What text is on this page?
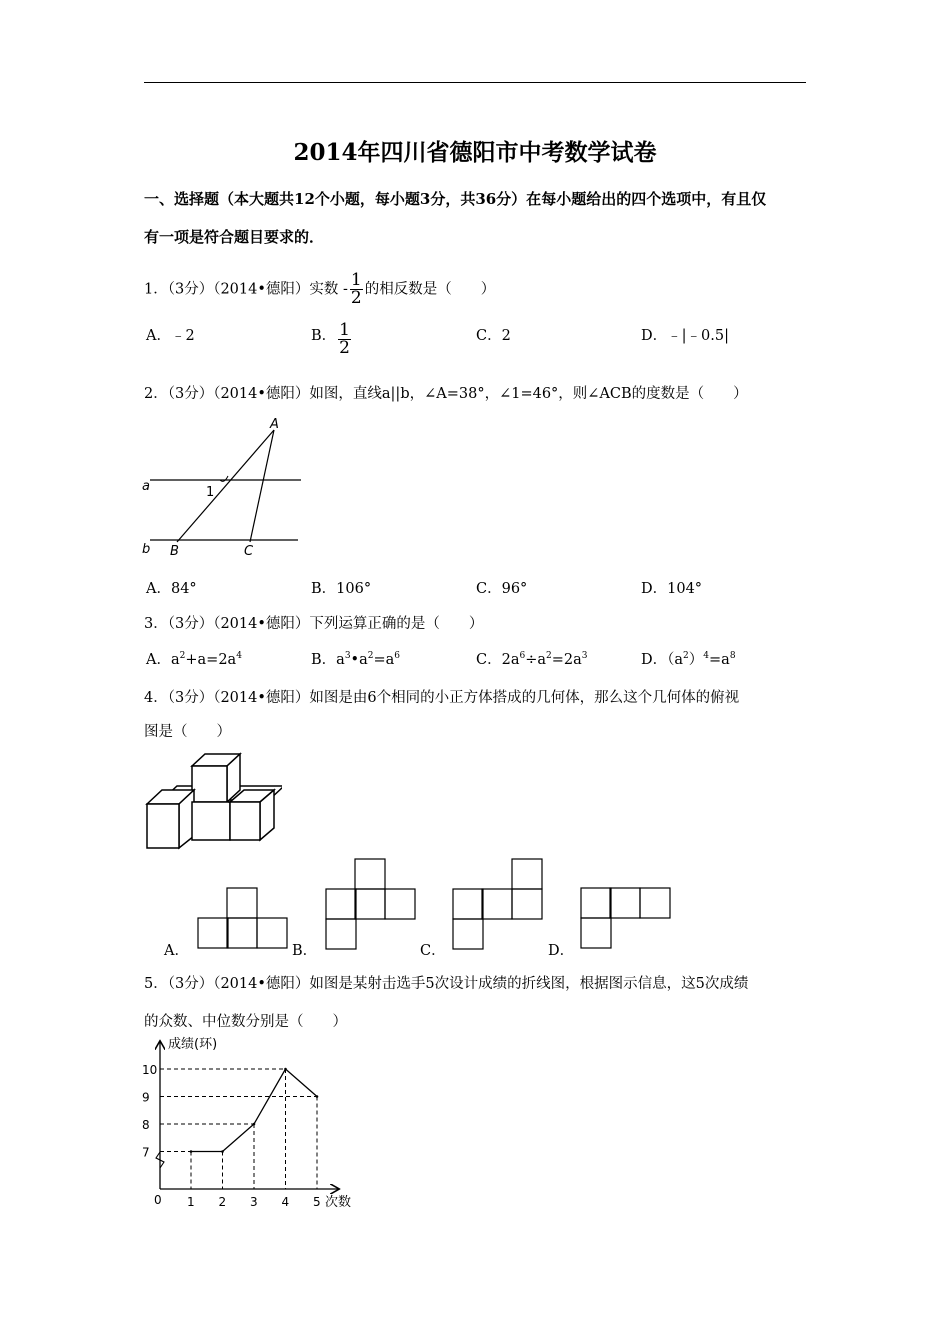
2014年四川省德阳市中考数学试卷
一、选择题（本大题共12个小题，每小题3分，共36分）在每小题给出的四个选项中，有且仅
有一项是符合题目要求的．
1．（3分）（2014•德阳）实数 - $\frac{1}{2}$ 的相反数是（　　）
A．﹣2	B． $\frac{1}{2}$	C．2	D．﹣|﹣0.5|
2．（3分）（2014•德阳）如图，直线a||b，∠A=38°，∠1=46°，则∠ACB的度数是（　　）
a
b
A
B	C
1
A．84°	B．106°	C．96°	D．104°
3．（3分）（2014•德阳）下列运算正确的是（　　）
A．$a^2+a=2a^4$	B．$a^3•a^2=a^6$	C．$2a^6\div a^2=2a^3$	D．$(a^2)^4=a^8$
4．（3分）（2014•德阳）如图是由6个相同的小正方体搭成的几何体，那么这个几何体的俯视
图是（　　）
A．	B．	C．	D．
5．（3分）（2014•德阳）如图是某射击选手5次设计成绩的折线图，根据图示信息，这5次成绩
的众数、中位数分别是（　　）
成绩(环)
次数
0
7
8
9
10
1 2 3 4 5
